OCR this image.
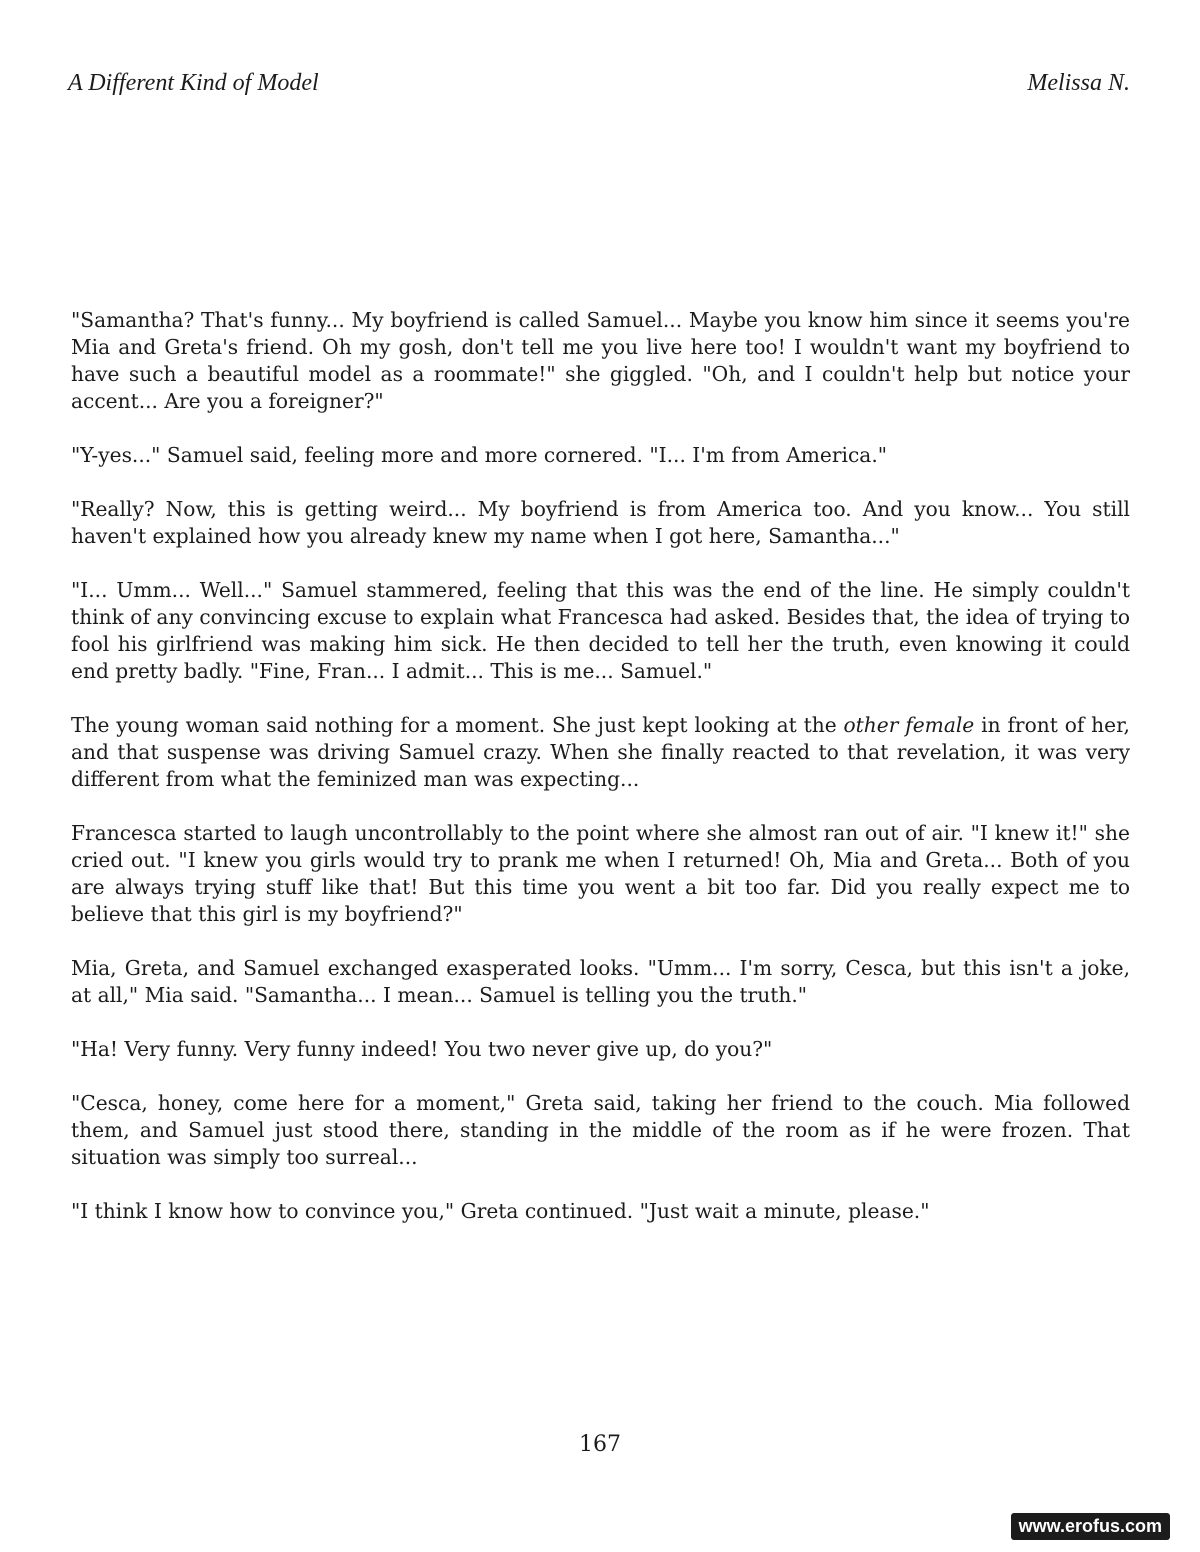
A Different Kind of Model	Melissa N.

"Samantha? That's funny... My boyfriend is called Samuel... Maybe you know him since it seems you're Mia and Greta's friend. Oh my gosh, don't tell me you live here too! I wouldn't want my boyfriend to have such a beautiful model as a roommate!" she giggled. "Oh, and I couldn't help but notice your accent... Are you a foreigner?"

"Y-yes..." Samuel said, feeling more and more cornered. "I... I'm from America."

"Really? Now, this is getting weird... My boyfriend is from America too. And you know... You still haven't explained how you already knew my name when I got here, Samantha..."

"I... Umm... Well..." Samuel stammered, feeling that this was the end of the line. He simply couldn't think of any convincing excuse to explain what Francesca had asked. Besides that, the idea of trying to fool his girlfriend was making him sick. He then decided to tell her the truth, even knowing it could end pretty badly. "Fine, Fran... I admit... This is me... Samuel."

The young woman said nothing for a moment. She just kept looking at the other female in front of her, and that suspense was driving Samuel crazy. When she finally reacted to that revelation, it was very different from what the feminized man was expecting...

Francesca started to laugh uncontrollably to the point where she almost ran out of air. "I knew it!" she cried out. "I knew you girls would try to prank me when I returned! Oh, Mia and Greta... Both of you are always trying stuff like that! But this time you went a bit too far. Did you really expect me to believe that this girl is my boyfriend?"

Mia, Greta, and Samuel exchanged exasperated looks. "Umm... I'm sorry, Cesca, but this isn't a joke, at all," Mia said. "Samantha... I mean... Samuel is telling you the truth."

"Ha! Very funny. Very funny indeed! You two never give up, do you?"

"Cesca, honey, come here for a moment," Greta said, taking her friend to the couch. Mia followed them, and Samuel just stood there, standing in the middle of the room as if he were frozen. That situation was simply too surreal...

"I think I know how to convince you," Greta continued. "Just wait a minute, please."

167
www.erofus.com
